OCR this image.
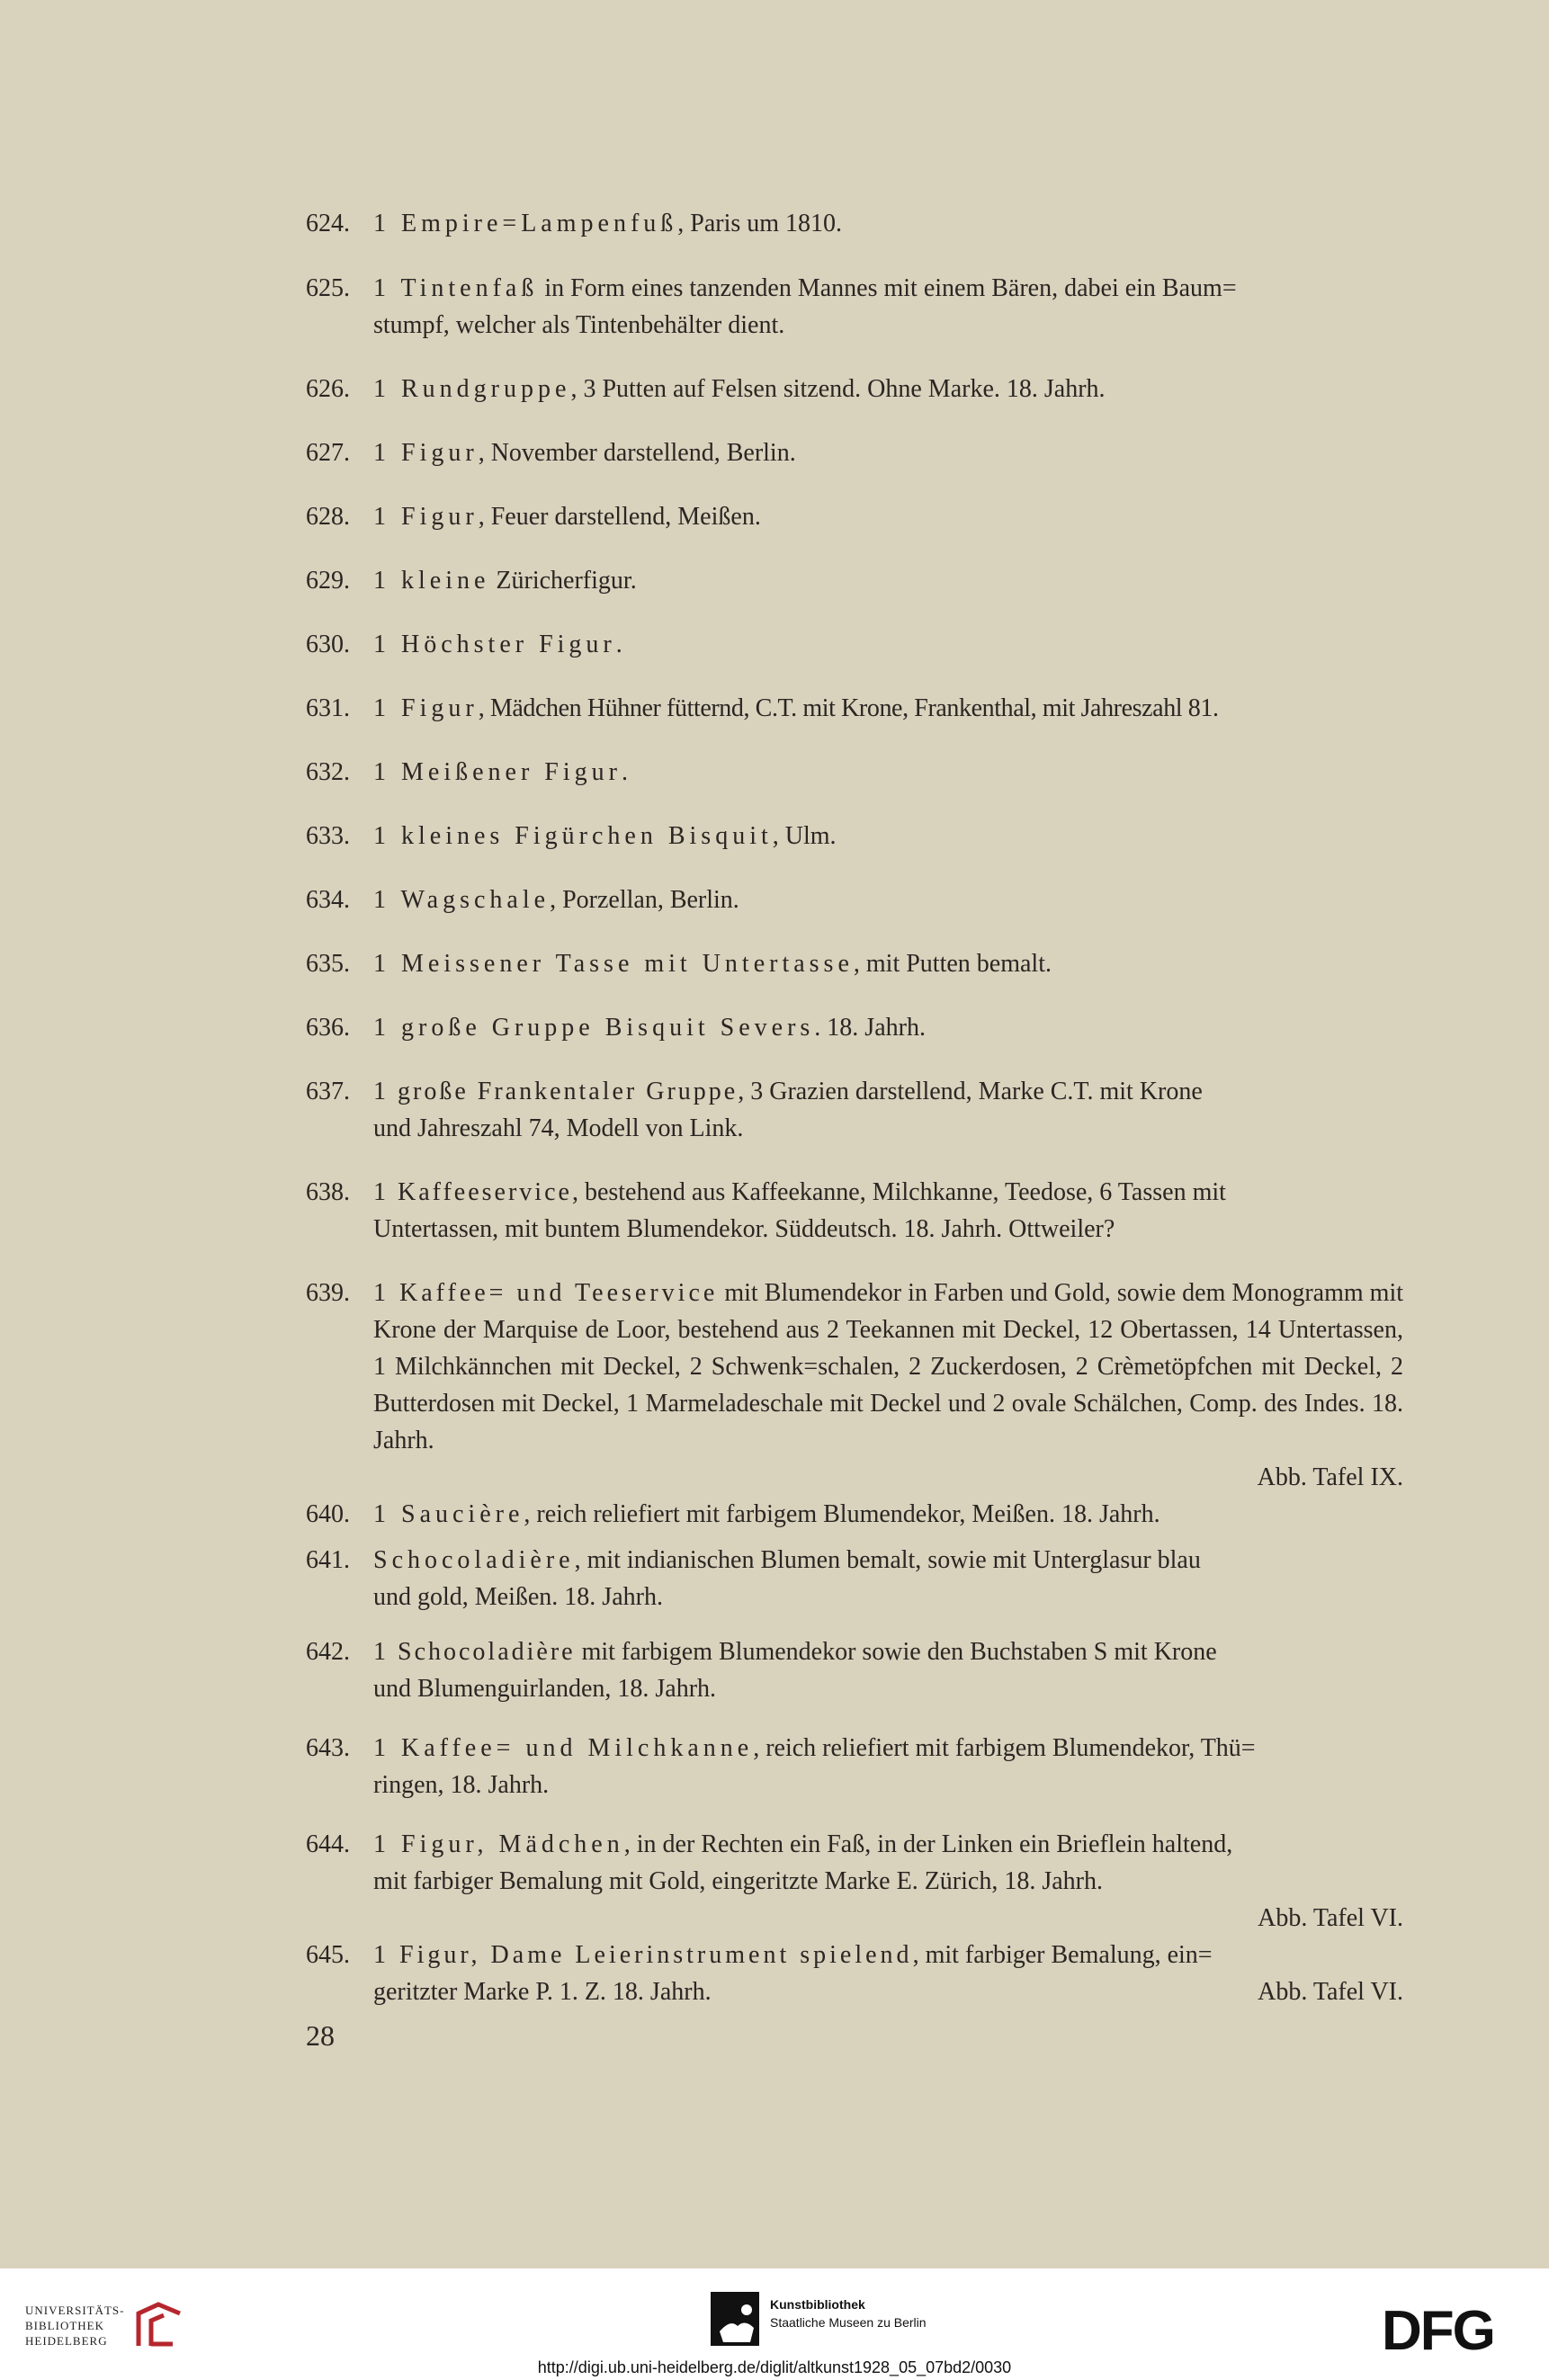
624. 1 Empire=Lampenfuß, Paris um 1810.

625. 1 Tintenfaß in Form eines tanzenden Mannes mit einem Bären, dabei ein Baum=
stumpf, welcher als Tintenbehälter dient.

626. 1 Rundgruppe, 3 Putten auf Felsen sitzend. Ohne Marke. 18. Jahrh.

627. 1 Figur, November darstellend, Berlin.

628. 1 Figur, Feuer darstellend, Meißen.

629. 1 kleine Züricherfigur.

630. 1 Höchster Figur.

631. 1 Figur, Mädchen Hühner fütternd, C.T. mit Krone, Frankenthal, mit Jahreszahl 81.

632. 1 Meißener Figur.

633. 1 kleines Figürchen Bisquit, Ulm.

634. 1 Wagschale, Porzellan, Berlin.

635. 1 Meissener Tasse mit Untertasse, mit Putten bemalt.

636. 1 große Gruppe Bisquit Severs. 18. Jahrh.

637. 1 große Frankentaler Gruppe, 3 Grazien darstellend, Marke C.T. mit Krone
und Jahreszahl 74, Modell von Link.

638. 1 Kaffeeservice, bestehend aus Kaffeekanne, Milchkanne, Teedose, 6 Tassen mit
Untertassen, mit buntem Blumendekor. Süddeutsch. 18. Jahrh. Ottweiler?

639. 1 Kaffee= und Teeservice mit Blumendekor in Farben und Gold, sowie dem Monogramm mit Krone der Marquise de Loor, bestehend aus 2 Teekannen mit Deckel, 12 Obertassen, 14 Untertassen, 1 Milchkännchen mit Deckel, 2 Schwenk=schalen, 2 Zuckerdosen, 2 Crèmetöpfchen mit Deckel, 2 Butterdosen mit Deckel, 1 Marmeladeschale mit Deckel und 2 ovale Schälchen, Comp. des Indes. 18. Jahrh.
Abb. Tafel IX.

640. 1 Saucière, reich reliefiert mit farbigem Blumendekor, Meißen. 18. Jahrh.

641. Schocoladière, mit indianischen Blumen bemalt, sowie mit Unterglasur blau
und gold, Meißen. 18. Jahrh.

642. 1 Schocoladière mit farbigem Blumendekor sowie den Buchstaben S mit Krone
und Blumenguirlanden, 18. Jahrh.

643. 1 Kaffee= und Milchkanne, reich reliefiert mit farbigem Blumendekor, Thü=
ringen, 18. Jahrh.

644. 1 Figur, Mädchen, in der Rechten ein Faß, in der Linken ein Brieflein haltend,
mit farbiger Bemalung mit Gold, eingeritzte Marke E. Zürich, 18. Jahrh.
Abb. Tafel VI.

645. 1 Figur, Dame Leierinstrument spielend, mit farbiger Bemalung, ein=
geritzter Marke P. 1. Z. 18. Jahrh.	Abb. Tafel VI.

28
UNIVERSITÄTS-
BIBLIOTHEK
HEIDELBERG
Kunstbibliothek
Staatliche Museen zu Berlin	DFG
http://digi.ub.uni-heidelberg.de/diglit/altkunst1928_05_07bd2/0030
